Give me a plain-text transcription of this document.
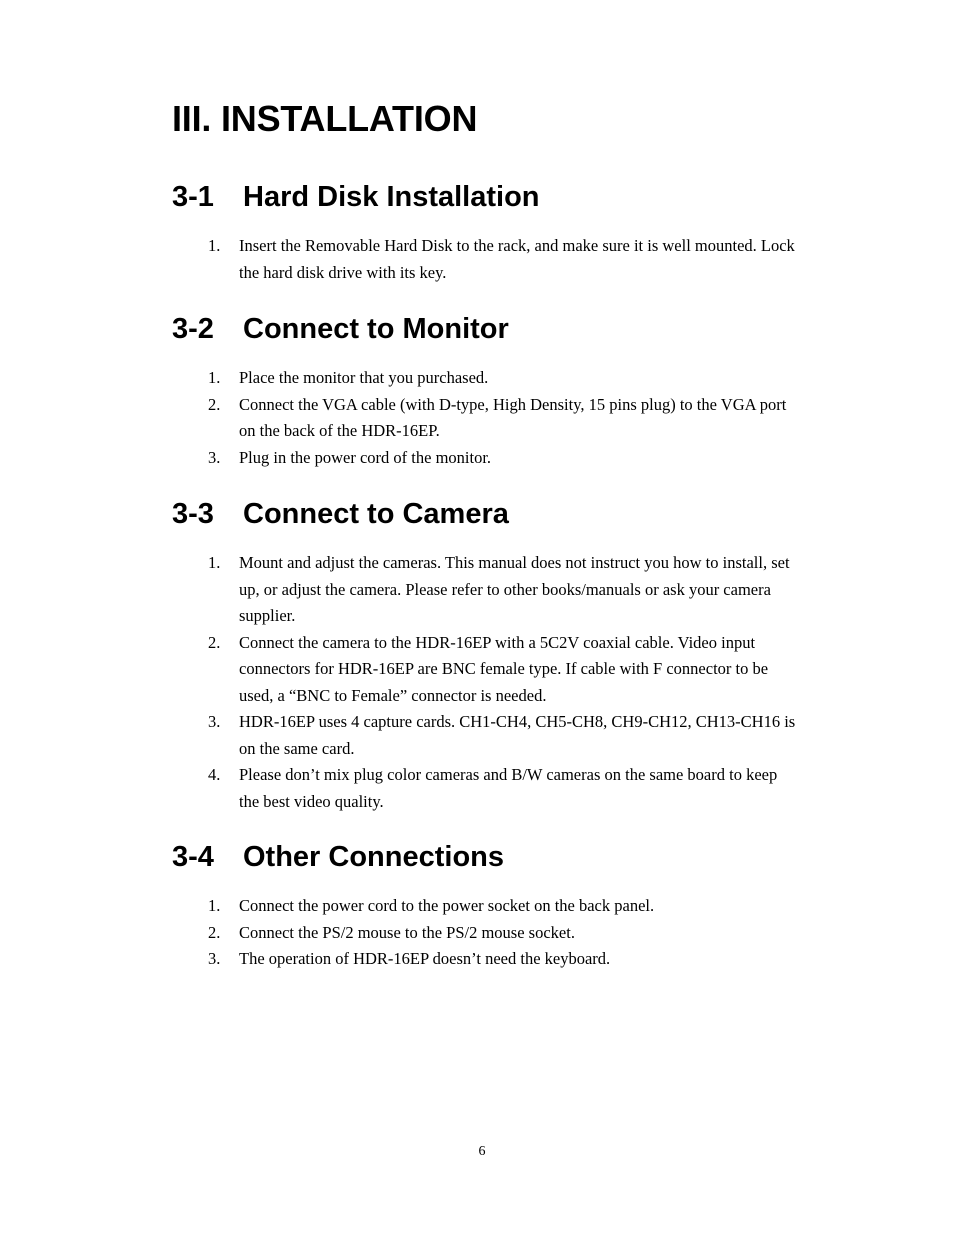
III. INSTALLATION
3-1 Hard Disk Installation
1. Insert the Removable Hard Disk to the rack, and make sure it is well mounted. Lock the hard disk drive with its key.
3-2 Connect to Monitor
1. Place the monitor that you purchased.
2. Connect the VGA cable (with D-type, High Density, 15 pins plug) to the VGA port on the back of the HDR-16EP.
3. Plug in the power cord of the monitor.
3-3 Connect to Camera
1. Mount and adjust the cameras. This manual does not instruct you how to install, set up, or adjust the camera. Please refer to other books/manuals or ask your camera supplier.
2. Connect the camera to the HDR-16EP with a 5C2V coaxial cable. Video input connectors for HDR-16EP are BNC female type. If cable with F connector to be used, a “BNC to Female” connector is needed.
3. HDR-16EP uses 4 capture cards. CH1-CH4, CH5-CH8, CH9-CH12, CH13-CH16 is on the same card.
4. Please don’t mix plug color cameras and B/W cameras on the same board to keep the best video quality.
3-4 Other Connections
1. Connect the power cord to the power socket on the back panel.
2. Connect the PS/2 mouse to the PS/2 mouse socket.
3. The operation of HDR-16EP doesn’t need the keyboard.
6
